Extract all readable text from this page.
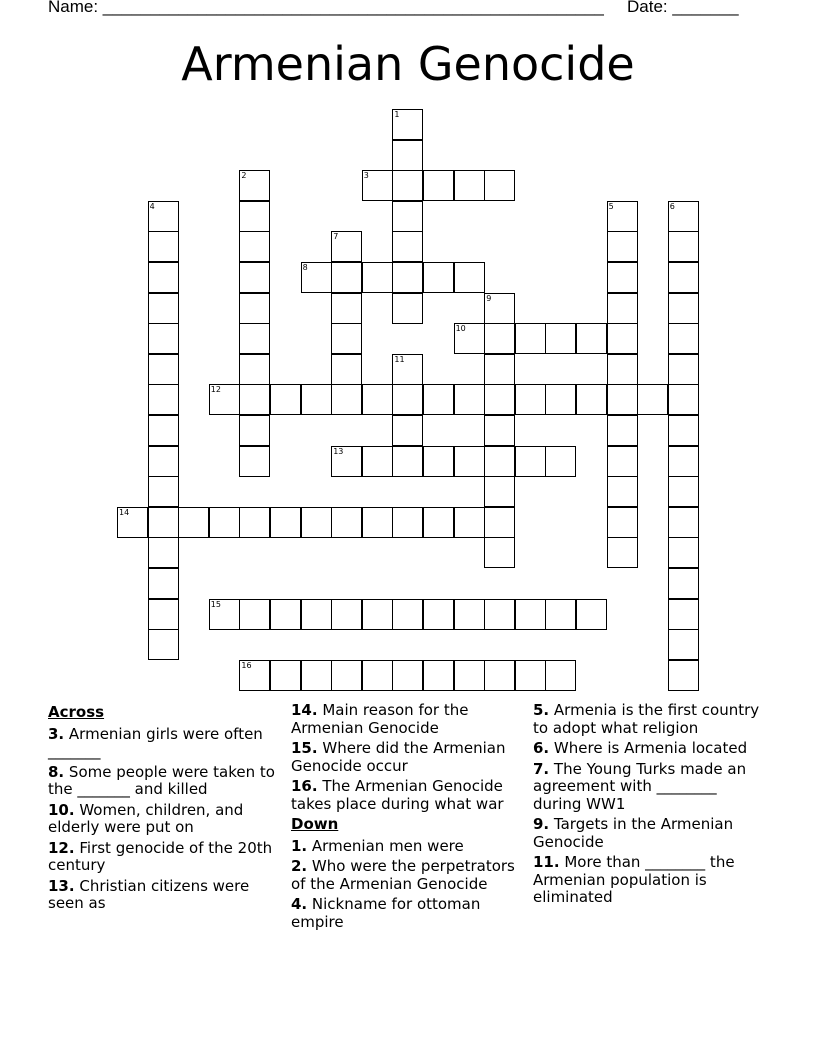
Name: _____________________________________________________ Date: _______
Armenian Genocide
3
8
10
12
13
14
15
16
1
2
4	5	6
7
9
11
Across
3. Armenian girls were often _______
8. Some people were taken to the _______ and killed
10. Women, children, and elderly were put on
12. First genocide of the 20th century
13. Christian citizens were seen as
14. Main reason for the Armenian Genocide
15. Where did the Armenian Genocide occur
16. The Armenian Genocide takes place during what war
Down
1. Armenian men were
2. Who were the perpetrators of the Armenian Genocide
4. Nickname for ottoman empire
5. Armenia is the first country to adopt what religion
6. Where is Armenia located
7. The Young Turks made an agreement with ________ during WW1
9. Targets in the Armenian Genocide
11. More than ________ the Armenian population is eliminated
